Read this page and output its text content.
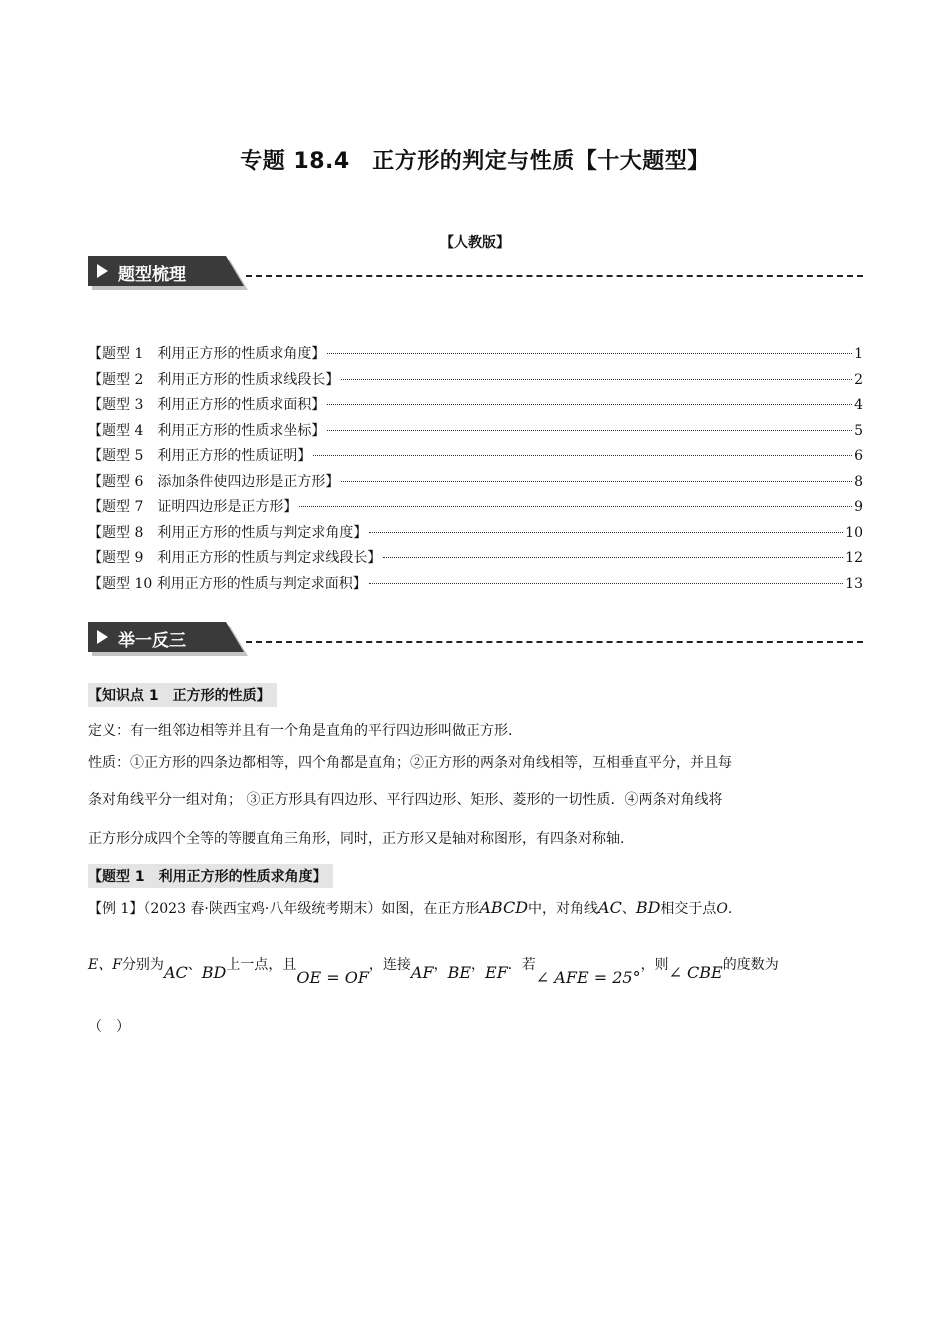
专题 18.4　正方形的判定与性质【十大题型】
【人教版】
题型梳理
【题型 1　利用正方形的性质求角度】	1
【题型 2　利用正方形的性质求线段长】	2
【题型 3　利用正方形的性质求面积】	4
【题型 4　利用正方形的性质求坐标】	5
【题型 5　利用正方形的性质证明】	6
【题型 6　添加条件使四边形是正方形】	8
【题型 7　证明四边形是正方形】	9
【题型 8　利用正方形的性质与判定求角度】	10
【题型 9　利用正方形的性质与判定求线段长】	12
【题型 10 利用正方形的性质与判定求面积】	13
举一反三
【知识点 1　正方形的性质】
定义：有一组邻边相等并且有一个角是直角的平行四边形叫做正方形.
性质：①正方形的四条边都相等，四个角都是直角；②正方形的两条对角线相等，互相垂直平分，并且每
条对角线平分一组对角； ③正方形具有四边形、平行四边形、矩形、菱形的一切性质．④两条对角线将
正方形分成四个全等的等腰直角三角形，同时，正方形又是轴对称图形，有四条对称轴.
【题型 1　利用正方形的性质求角度】
【例 1】（2023 春·陕西宝鸡·八年级统考期末）如图，在正方形ABCD中，对角线AC、BD相交于点O.
E、F分别为AC、BD上一点，且OE = OF，连接AF，BE，EF．若∠ AFE = 25°，则∠ CBE的度数为
（　）
